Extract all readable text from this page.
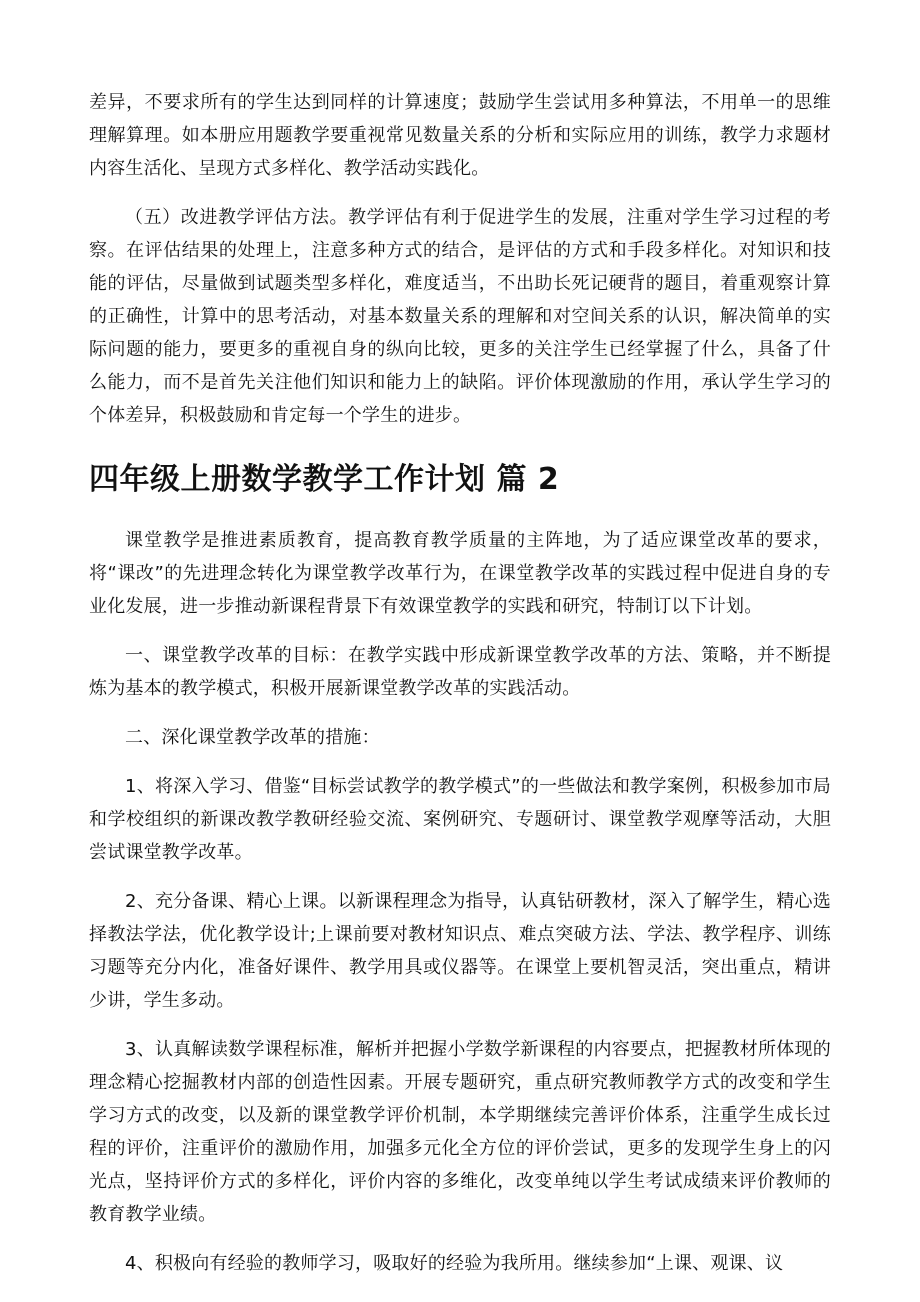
差异，不要求所有的学生达到同样的计算速度；鼓励学生尝试用多种算法，不用单一的思维理解算理。如本册应用题教学要重视常见数量关系的分析和实际应用的训练，教学力求题材内容生活化、呈现方式多样化、教学活动实践化。

（五）改进教学评估方法。教学评估有利于促进学生的发展，注重对学生学习过程的考察。在评估结果的处理上，注意多种方式的结合，是评估的方式和手段多样化。对知识和技能的评估，尽量做到试题类型多样化，难度适当，不出助长死记硬背的题目，着重观察计算的正确性，计算中的思考活动，对基本数量关系的理解和对空间关系的认识，解决简单的实际问题的能力，要更多的重视自身的纵向比较，更多的关注学生已经掌握了什么，具备了什么能力，而不是首先关注他们知识和能力上的缺陷。评价体现激励的作用，承认学生学习的个体差异，积极鼓励和肯定每一个学生的进步。

四年级上册数学教学工作计划 篇 2

课堂教学是推进素质教育，提高教育教学质量的主阵地，为了适应课堂改革的要求，将“课改”的先进理念转化为课堂教学改革行为，在课堂教学改革的实践过程中促进自身的专业化发展，进一步推动新课程背景下有效课堂教学的实践和研究，特制订以下计划。

一、课堂教学改革的目标：在教学实践中形成新课堂教学改革的方法、策略，并不断提炼为基本的教学模式，积极开展新课堂教学改革的实践活动。

二、深化课堂教学改革的措施：

1、将深入学习、借鉴“目标尝试教学的教学模式”的一些做法和教学案例，积极参加市局和学校组织的新课改教学教研经验交流、案例研究、专题研讨、课堂教学观摩等活动，大胆尝试课堂教学改革。

2、充分备课、精心上课。以新课程理念为指导，认真钻研教材，深入了解学生，精心选择教法学法，优化教学设计;上课前要对教材知识点、难点突破方法、学法、教学程序、训练习题等充分内化，准备好课件、教学用具或仪器等。在课堂上要机智灵活，突出重点，精讲少讲，学生多动。

3、认真解读数学课程标准，解析并把握小学数学新课程的内容要点，把握教材所体现的理念精心挖掘教材内部的创造性因素。开展专题研究，重点研究教师教学方式的改变和学生学习方式的改变，以及新的课堂教学评价机制，本学期继续完善评价体系，注重学生成长过程的评价，注重评价的激励作用，加强多元化全方位的评价尝试，更多的发现学生身上的闪光点，坚持评价方式的多样化，评价内容的多维化，改变单纯以学生考试成绩来评价教师的教育教学业绩。

4、积极向有经验的教师学习，吸取好的经验为我所用。继续参加“上课、观课、议
